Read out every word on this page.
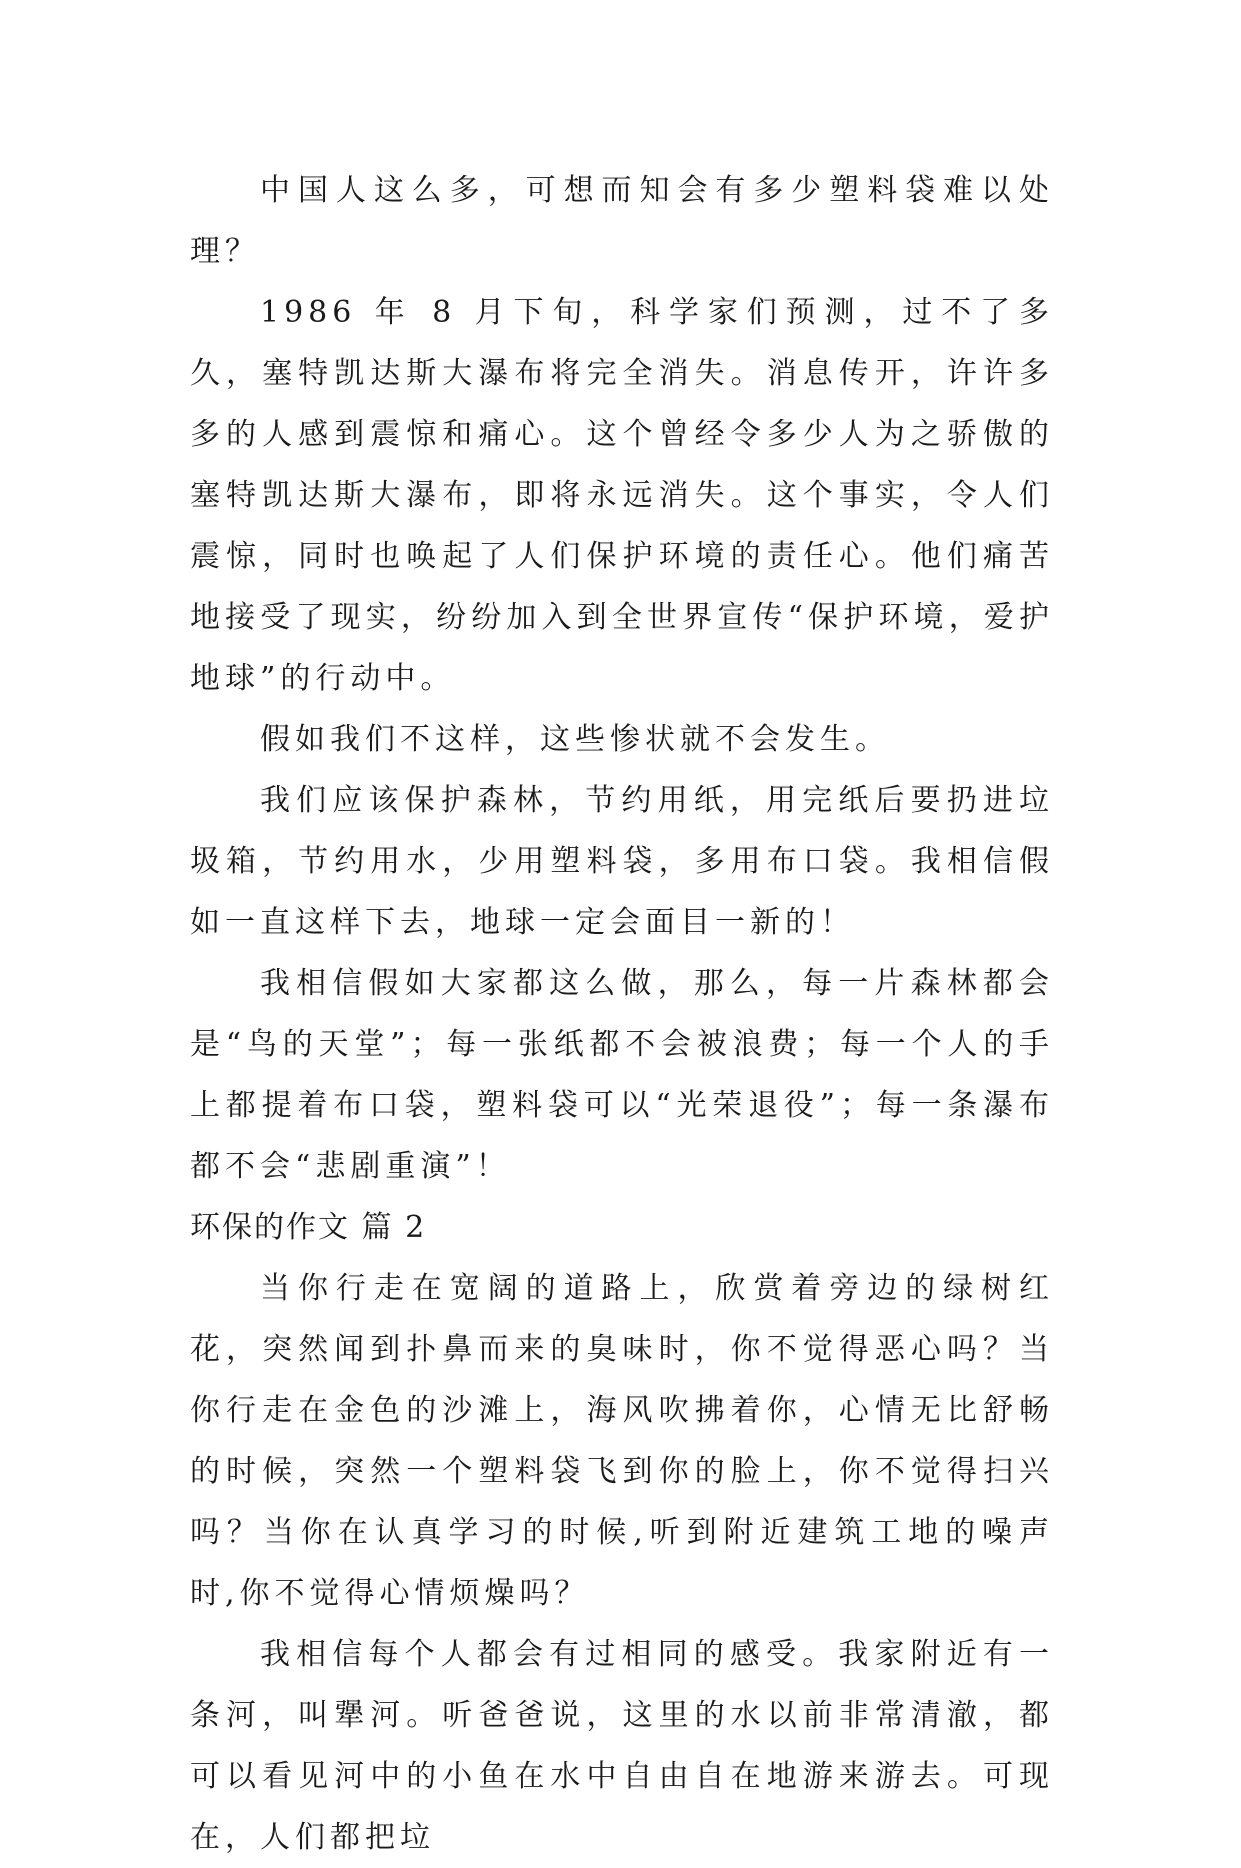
中国人这么多，可想而知会有多少塑料袋难以处理？

1986 年 8 月下旬，科学家们预测，过不了多久，塞特凯达斯大瀑布将完全消失。消息传开，许许多多的人感到震惊和痛心。这个曾经令多少人为之骄傲的塞特凯达斯大瀑布，即将永远消失。这个事实，令人们震惊，同时也唤起了人们保护环境的责任心。他们痛苦地接受了现实，纷纷加入到全世界宣传“保护环境，爱护地球”的行动中。

假如我们不这样，这些惨状就不会发生。

我们应该保护森林，节约用纸，用完纸后要扔进垃圾箱，节约用水，少用塑料袋，多用布口袋。我相信假如一直这样下去，地球一定会面目一新的！

我相信假如大家都这么做，那么，每一片森林都会是“鸟的天堂”；每一张纸都不会被浪费；每一个人的手上都提着布口袋，塑料袋可以“光荣退役”；每一条瀑布都不会“悲剧重演”！

环保的作文 篇 2

当你行走在宽阔的道路上，欣赏着旁边的绿树红花，突然闻到扑鼻而来的臭味时，你不觉得恶心吗？当你行走在金色的沙滩上，海风吹拂着你，心情无比舒畅的时候，突然一个塑料袋飞到你的脸上，你不觉得扫兴吗？当你在认真学习的时候,听到附近建筑工地的噪声时,你不觉得心情烦燥吗？

我相信每个人都会有过相同的感受。我家附近有一条河，叫犟河。听爸爸说，这里的水以前非常清澈，都可以看见河中的小鱼在水中自由自在地游来游去。可现在，人们都把垃
